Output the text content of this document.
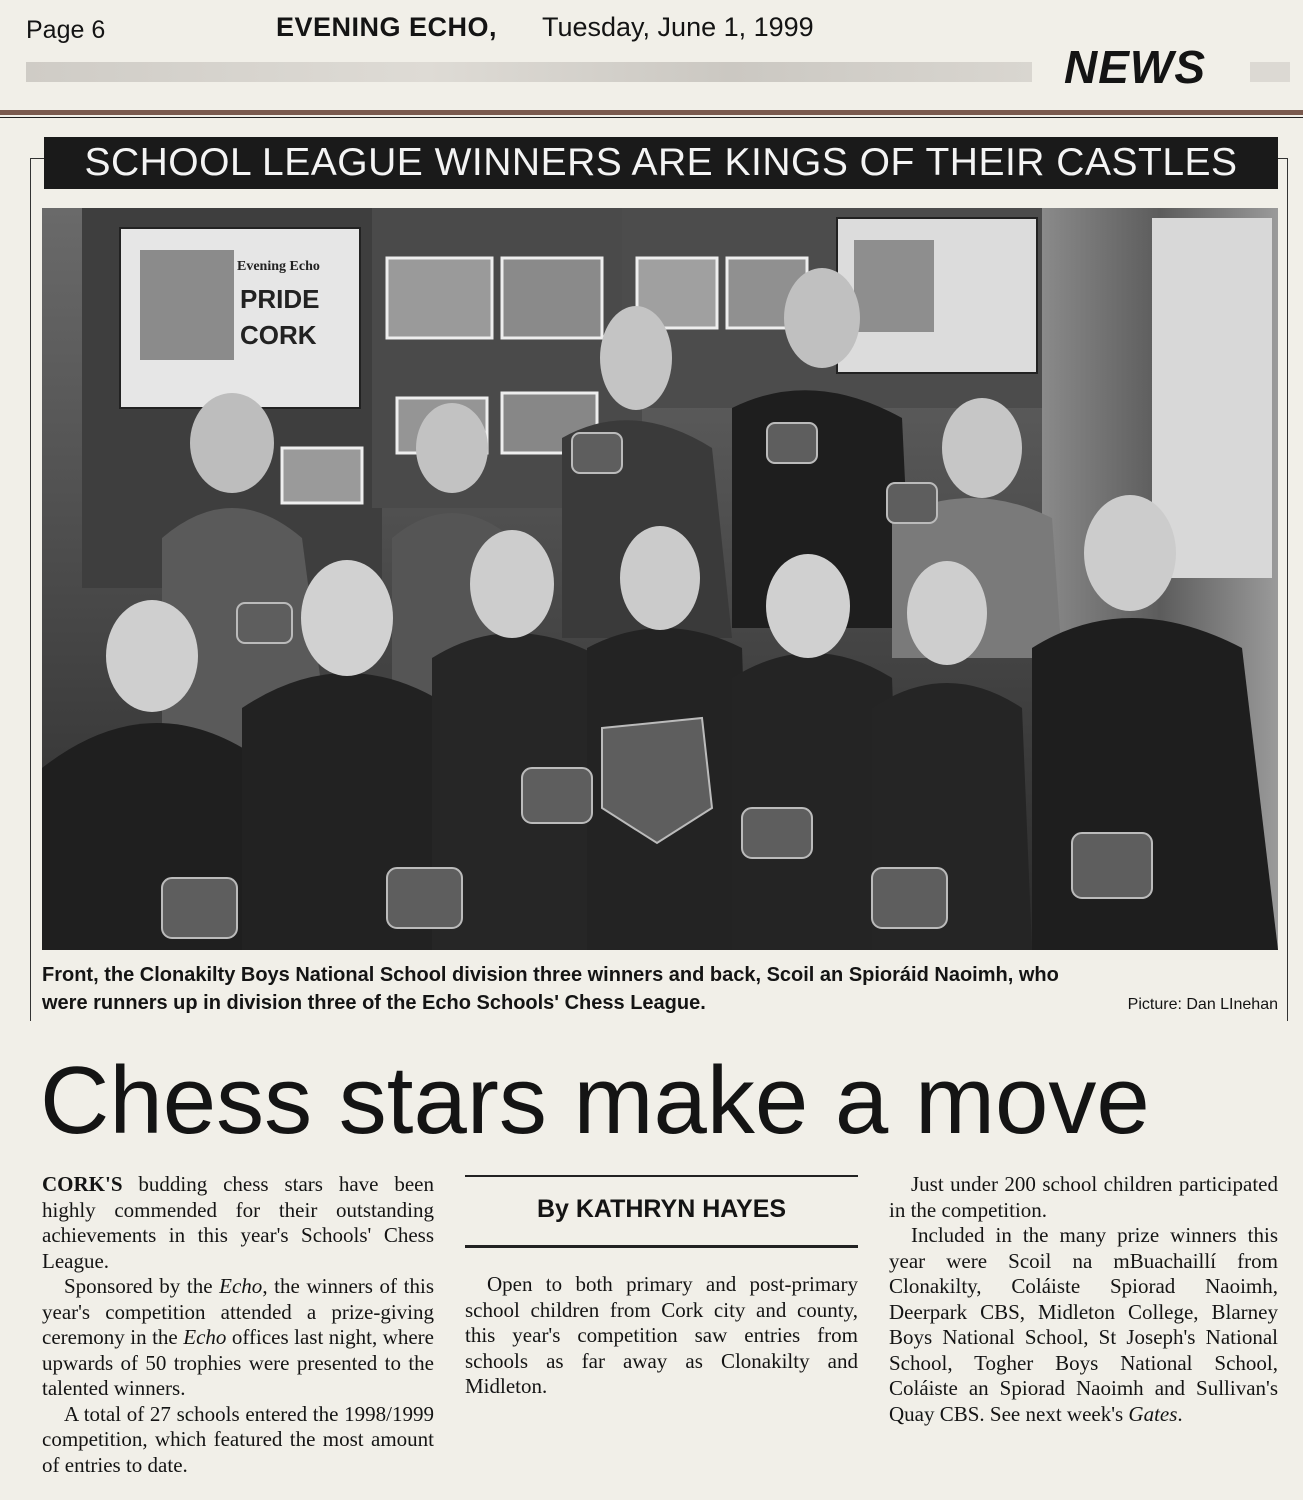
Page 6	EVENING ECHO, Tuesday, June 1, 1999
NEWS
SCHOOL LEAGUE WINNERS ARE KINGS OF THEIR CASTLES
Evening Echo
PRIDE
CORK
Front, the Clonakilty Boys National School division three winners and back, Scoil an Spioráid Naoimh, who
were runners up in division three of the Echo Schools' Chess League.	Picture: Dan LInehan
Chess stars make a move

CORK'S budding chess stars have been highly commended for their outstanding achievements in this year's Schools' Chess League.

Sponsored by the Echo, the winners of this year's competition attended a prize-giving ceremony in the Echo offices last night, where upwards of 50 trophies were presented to the talented winners.

A total of 27 schools entered the 1998/1999 competition, which featured the most amount of entries to date.

By KATHRYN HAYES

Open to both primary and post-primary school children from Cork city and county, this year's competition saw entries from schools as far away as Clonakilty and Midleton.

Just under 200 school children participated in the competition.

Included in the many prize winners this year were Scoil na mBuachaillí from Clonakilty, Coláiste Spiorad Naoimh, Deerpark CBS, Midleton College, Blarney Boys National School, St Joseph's National School, Togher Boys National School, Coláiste an Spiorad Naoimh and Sullivan's Quay CBS. See next week's Gates.
